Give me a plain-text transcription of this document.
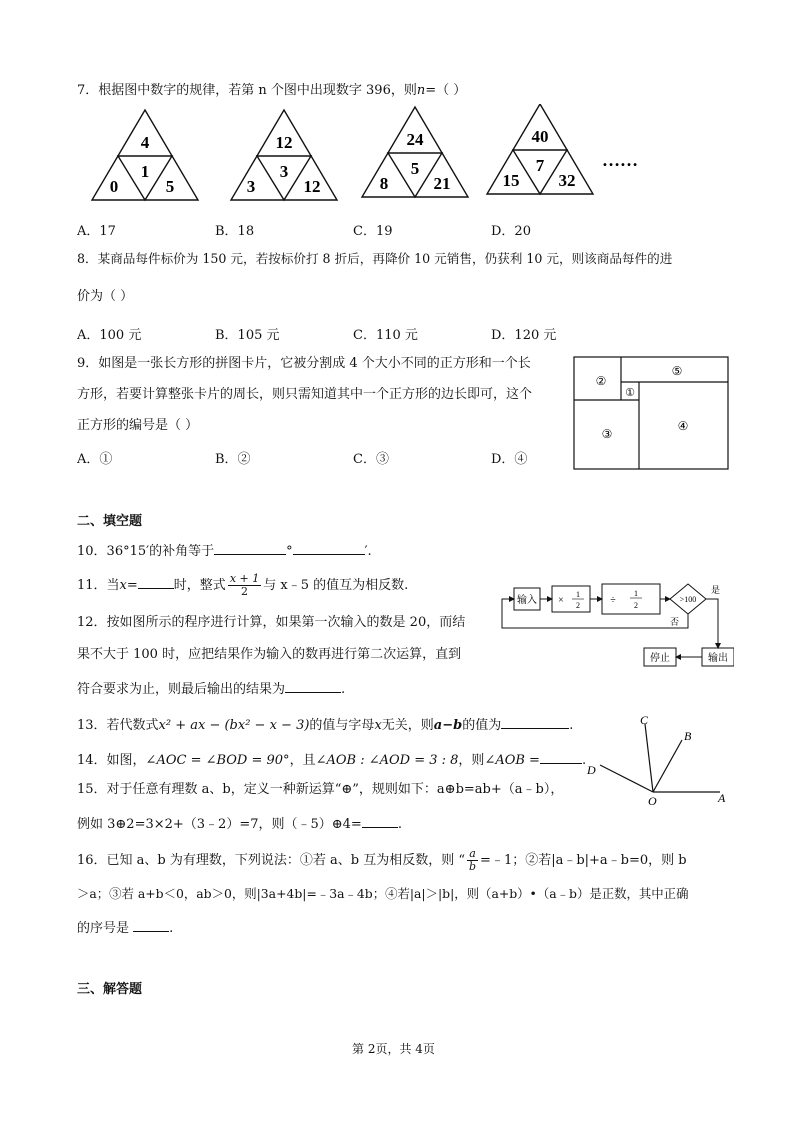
7．根据图中数字的规律，若第 n 个图中出现数字 396，则n=（ ）
4
1
0	5
12
3
3	12
24
5
8	21
40
7
15 32
……
A．17	B．18	C．19	D．20
8．某商品每件标价为 150 元，若按标价打 8 折后，再降价 10 元销售，仍获利 10 元，则该商品每件的进
价为（ ）
A．100 元	B．105 元	C．110 元	D．120 元
9．如图是一张长方形的拼图卡片，它被分割成 4 个大小不同的正方形和一个长
方形，若要计算整张卡片的周长，则只需知道其中一个正方形的边长即可，这个
正方形的编号是（ ）
A．①	B．②	C．③	D．④
②
⑤
①
③
④
二、填空题
10．36°15′的补角等于	°	′.
11．当x=	时，整式 $\frac{x + 1}{2}$ 与 x﹣5 的值互为相反数.
12．按如图所示的程序进行计算，如果第一次输入的数是 20，而结
果不大于 100 时，应把结果作为输入的数再进行第二次运算，直到
符合要求为止，则最后输出的结果为	.
输入 ×
1
2	÷
1
2
>100
是
否
输出
停止
13．若代数式x² + ax − (bx² − x − 3)的值与字母x无关，则a−b的值为	.
14．如图，∠AOC = ∠BOD = 90°，且∠AOB : ∠AOD = 3 : 8，则∠AOB =	.
C
B
D
O	A
15．对于任意有理数 a、b，定义一种新运算“⊕”，规则如下：a⊕b=ab+（a﹣b），
例如 3⊕2=3×2+（3﹣2）=7，则（﹣5）⊕4=	.
16．已知 a、b 为有理数，下列说法：①若 a、b 互为相反数，则 “ $\frac{a}{b}$ =﹣1；②若|a﹣b|+a﹣b=0，则 b
＞a；③若 a+b＜0，ab＞0，则|3a+4b|=﹣3a﹣4b；④若|a|＞|b|，则（a+b）•（a﹣b）是正数，其中正确
的序号是	.
三、解答题
第 2页，共 4页
